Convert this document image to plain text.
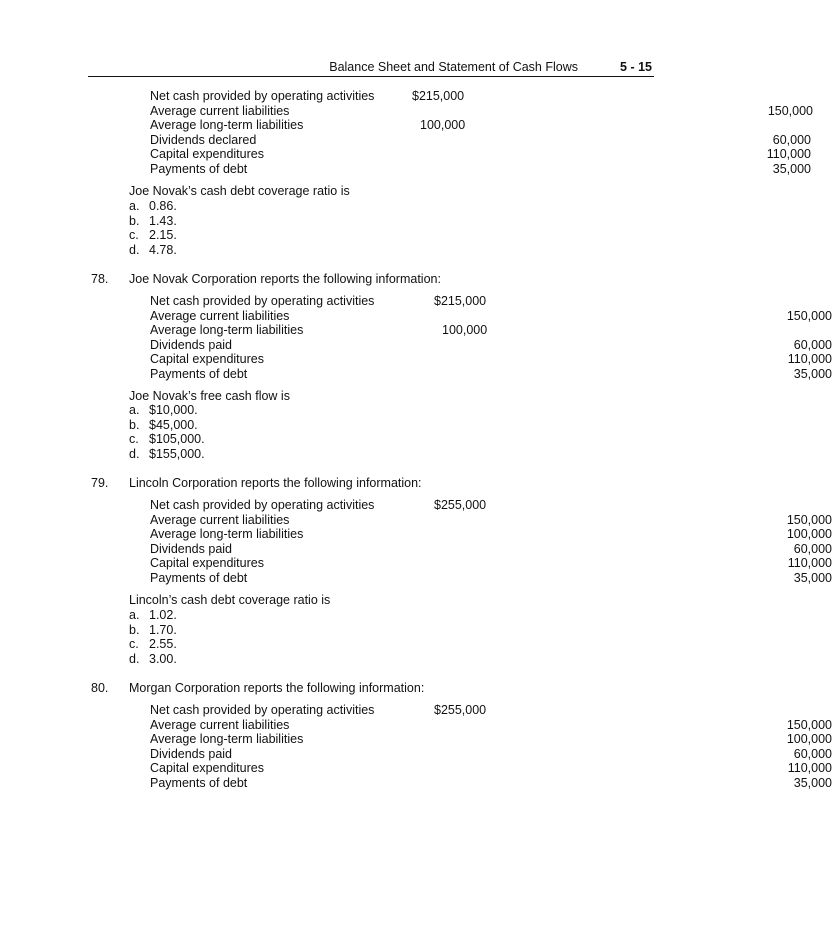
Balance Sheet and Statement of Cash Flows	5 - 15
Net cash provided by operating activities	$215,000
Average current liabilities	150,000
Average long-term liabilities	100,000
Dividends declared	60,000
Capital expenditures	110,000
Payments of debt	35,000
Joe Novak’s cash debt coverage ratio is
a. 0.86.
b. 1.43.
c. 2.15.
d. 4.78.
78. Joe Novak Corporation reports the following information:
Net cash provided by operating activities	$215,000
Average current liabilities	150,000
Average long-term liabilities	100,000
Dividends paid	60,000
Capital expenditures	110,000
Payments of debt	35,000
Joe Novak’s free cash flow is
a. $10,000.
b. $45,000.
c. $105,000.
d. $155,000.
79. Lincoln Corporation reports the following information:
Net cash provided by operating activities	$255,000
Average current liabilities	150,000
Average long-term liabilities	100,000
Dividends paid	60,000
Capital expenditures	110,000
Payments of debt	35,000
Lincoln’s cash debt coverage ratio is
a. 1.02.
b. 1.70.
c. 2.55.
d. 3.00.
80. Morgan Corporation reports the following information:
Net cash provided by operating activities	$255,000
Average current liabilities	150,000
Average long-term liabilities	100,000
Dividends paid	60,000
Capital expenditures	110,000
Payments of debt	35,000
